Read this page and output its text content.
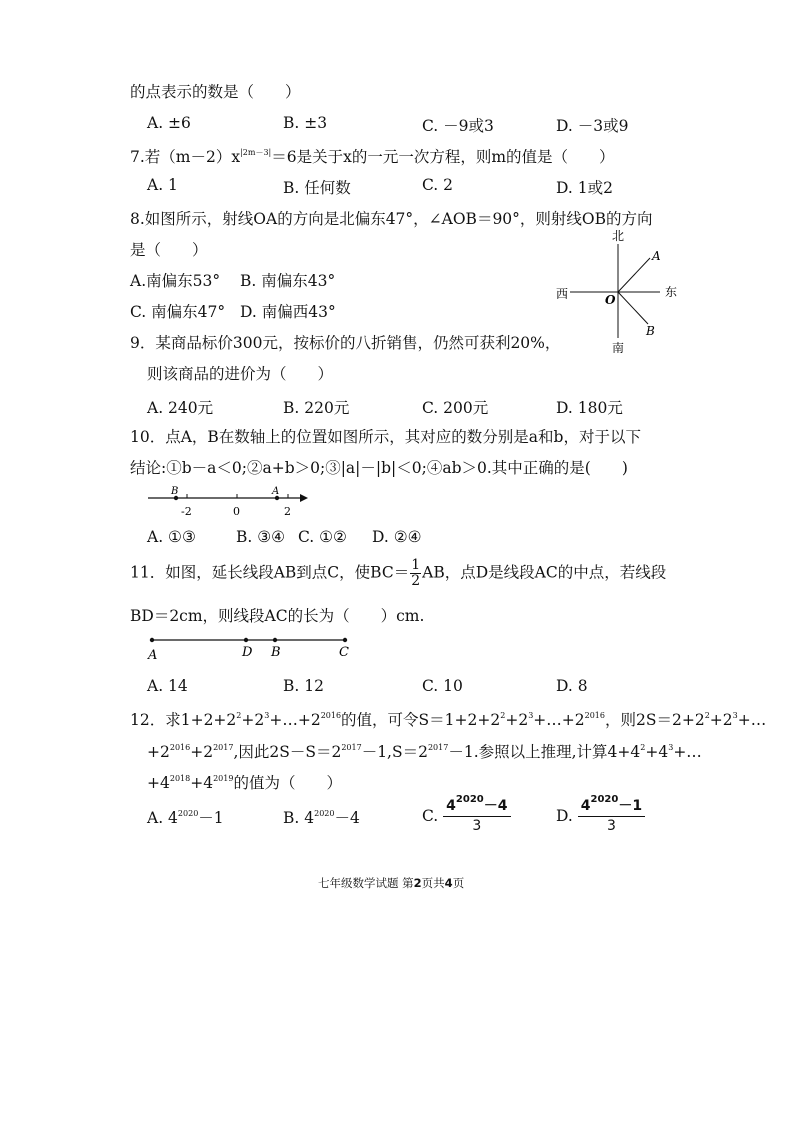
的点表示的数是（　　）
A. ±6	B. ±3	C. －9或3	D. －3或9
7.若$(m-2)x^{|2m-3|}=6$是关于x的一元一次方程，则m的值是（　　）
A. 1	B. 任何数	C. 2	D. 1或2
8.如图所示，射线OA的方向是北偏东47°，∠AOB＝90°，则射线OB的方向
是（　　）
A.南偏东53° B. 南偏东43°
C. 南偏东47° D. 南偏西43°
北
南
东
西	O
A
B
9．某商品标价300元，按标价的八折销售，仍然可获利20%，
则该商品的进价为（　　）
A. 240元	B. 220元	C. 200元	D. 180元
10．点A，B在数轴上的位置如图所示，其对应的数分别是a和b，对于以下
结论:①b－a＜0;②a+b＞0;③|a|－|b|＜0;④ab＞0.其中正确的是(　　)
B	A
-2	0	2
A. ①③	B. ③④ C. ①② D. ②④
11．如图，延长线段AB到点C，使$BC= \frac{1}{2}$ AB，点D是线段AC的中点，若线段
BD＝2cm，则线段AC的长为（　　）cm.
A	D B	C
A. 14	B. 12	C. 10	D. 8
12．求$1+2+2^2+2^3+\dots+2^{2016}$的值，可令$S=1+2+2^2+2^3+\dots+2^{2016}$，则$2S=2+2^2+2^3+\dots$
$+2^{2016}+2^{2017}$,因此$2S-S=2^{2017}-1,S=2^{2017}-1$.参照以上推理,计算$4+4^2+4^3+\dots$
$+4^{2018}+4^{2019}$的值为（　　）
A. $4^{2020}-1$	B. $4^{2020}-4$	C. $\frac{4^{2020}-4}{3}$	D. $\frac{4^{2020}-1}{3}$
七年级数学试题 第2页共4页
